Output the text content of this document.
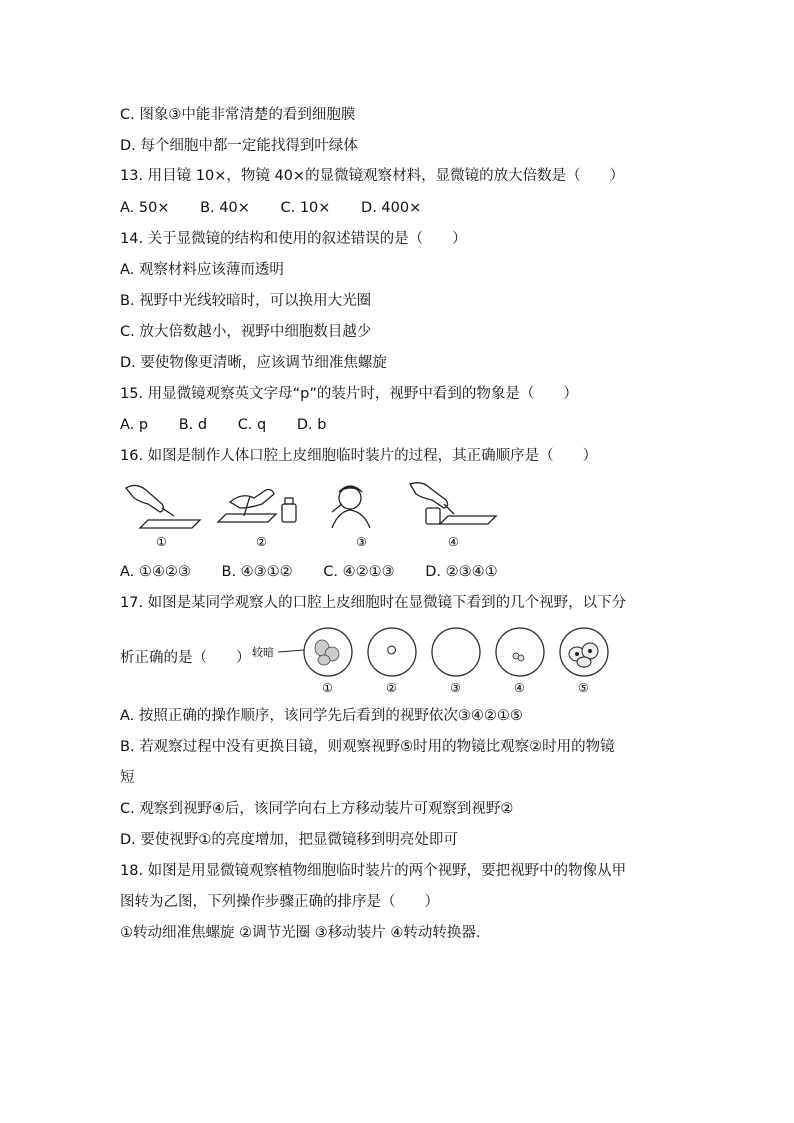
C. 图象③中能非常清楚的看到细胞膜
D. 每个细胞中都一定能找得到叶绿体
13. 用目镜 10×，物镜 40×的显微镜观察材料，显微镜的放大倍数是（　　）
A. 50× B. 40× C. 10× D. 400×
14. 关于显微镜的结构和使用的叙述错误的是（　　）
A. 观察材料应该薄而透明
B. 视野中光线较暗时，可以换用大光圈
C. 放大倍数越小，视野中细胞数目越少
D. 要使物像更清晰，应该调节细准焦螺旋
15. 用显微镜观察英文字母“p”的装片时，视野中看到的物象是（　　）
A. p B. d C. q D. b
16. 如图是制作人体口腔上皮细胞临时装片的过程，其正确顺序是（　　）
①	②	③	④
A. ①④②③ B. ④③①② C. ④②①③ D. ②③④①
17. 如图是某同学观察人的口腔上皮细胞时在显微镜下看到的几个视野，以下分
析正确的是（　　） 较暗
①	②	③	④	⑤
A. 按照正确的操作顺序，该同学先后看到的视野依次③④②①⑤
B. 若观察过程中没有更换目镜，则观察视野⑤时用的物镜比观察②时用的物镜
短
C. 观察到视野④后，该同学向右上方移动装片可观察到视野②
D. 要使视野①的亮度增加，把显微镜移到明亮处即可
18. 如图是用显微镜观察植物细胞临时装片的两个视野，要把视野中的物像从甲
图转为乙图，下列操作步骤正确的排序是（　　）
①转动细准焦螺旋 ②调节光圈 ③移动装片 ④转动转换器.
